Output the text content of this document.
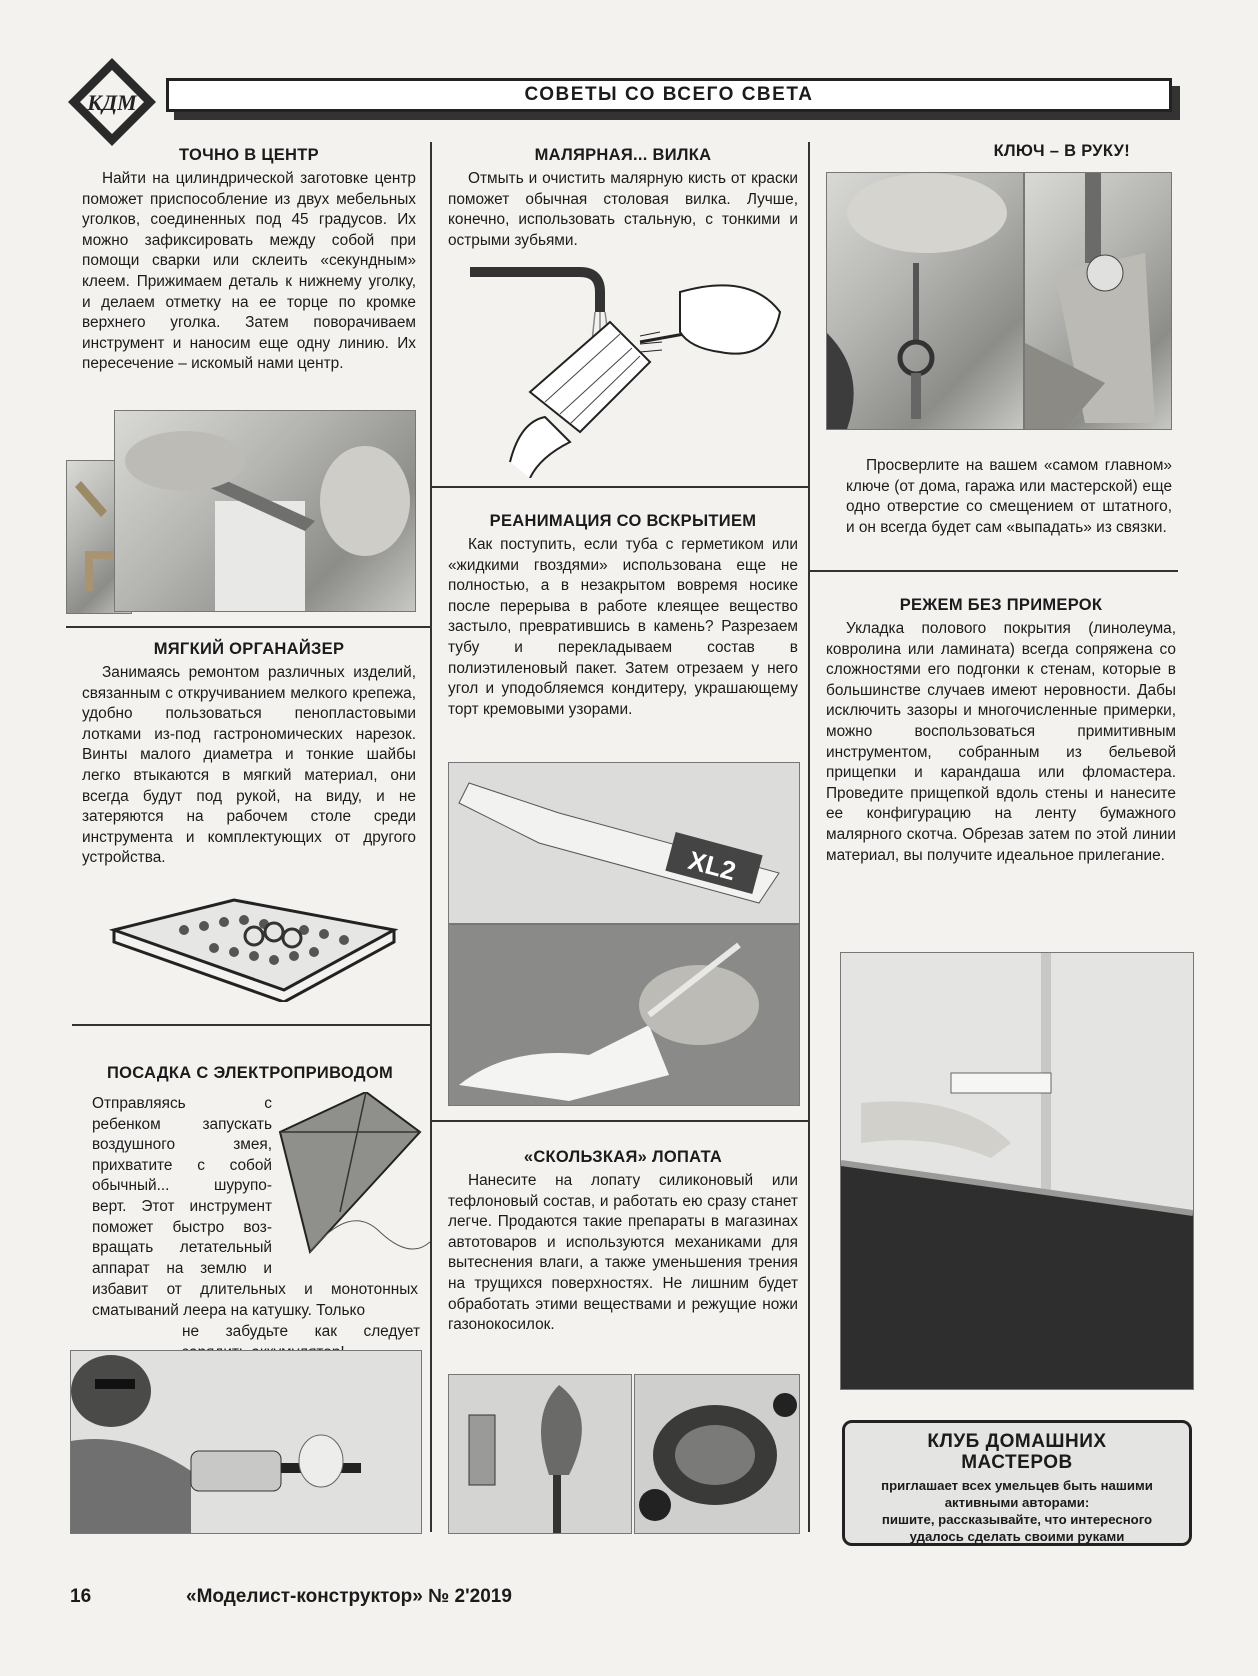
КДМ	СОВЕТЫ СО ВСЕГО СВЕТА
ТОЧНО В ЦЕНТР

Найти на цилиндрической заготовке центр поможет приспособление из двух мебельных уголков, соединенных под 45 градусов. Их можно зафиксировать между собой при помощи сварки или склеить «секундным» клеем. Прижимаем деталь к нижнему уголку, и делаем отметку на ее торце по кромке верхнего уголка. Затем поворачиваем инструмент и наносим еще одну линию. Их пересечение – искомый нами центр.

МАЛЯРНАЯ... ВИЛКА

Отмыть и очистить малярную кисть от краски поможет обычная столовая вилка. Лучше, конечно, использовать стальную, с тонкими и острыми зубьями.

КЛЮЧ – В РУКУ!

Просверлите на вашем «самом главном» ключе (от дома, гаража или мастерской) еще одно отверстие со смещением от штатного, и он всегда будет сам «выпадать» из связки.

МЯГКИЙ ОРГАНАЙЗЕР

Занимаясь ремонтом различных изделий, связанным с откручиванием мелкого крепежа, удобно пользоваться пенопластовыми лотками из-под гастрономических нарезок. Винты малого диаметра и тонкие шайбы легко втыкаются в мягкий материал, они всегда будут под рукой, на виду, и не затеряются на рабочем столе среди инструмента и комплектующих от другого устройства.

РЕАНИМАЦИЯ СО ВСКРЫТИЕМ

Как поступить, если туба с герметиком или «жидкими гвоздями» использована еще не полностью, а в незакрытом вовремя носике после перерыва в работе клеящее вещество застыло, превратившись в камень? Разрезаем тубу и перекладываем состав в полиэтиленовый пакет. Затем отрезаем у него угол и уподобляемся кондитеру, украшающему торт кремовыми узорами.

XL2
РЕЖЕМ БЕЗ ПРИМЕРОК

Укладка полового покрытия (линолеума, ковролина или ламината) всегда сопряжена со сложностями его подгонки к стенам, которые в большинстве случаев имеют неровности. Дабы исключить зазоры и многочисленные примерки, можно воспользоваться примитивным инструментом, собранным из бельевой прищепки и карандаша или фломастера. Проведите прищепкой вдоль стены и нанесите ее конфигурацию на ленту бумажного малярного скотча. Обрезав затем по этой линии материал, вы получите идеальное прилегание.

ПОСАДКА С ЭЛЕКТРОПРИВОДОМ
Отправляясь с
ребенком запускать
воздушного змея,
прихватите с собой
обычный... шурупо-
верт. Этот инструмент
поможет быстро воз-
вращать летательный
аппарат на землю и
избавит от длительных и монотонных сматываний леера на катушку. Только
не забудьте как следует
«СКОЛЬЗКАЯ» ЛОПАТА

Нанесите на лопату силиконовый или тефлоновый состав, и работать ею сразу станет легче. Продаются такие препараты в магазинах автотоваров и используются механиками для вытеснения влаги, а также уменьшения трения на трущихся поверхностях. Не лишним будет обработать этими веществами и режущие ножи газонокосилок.

КЛУБ ДОМАШНИХ
МАСТЕРОВ
приглашает всех умельцев быть нашими
активными авторами:
пишите, рассказывайте, что интересного
удалось сделать своими руками
16	«Моделист-конструктор» № 2'2019
